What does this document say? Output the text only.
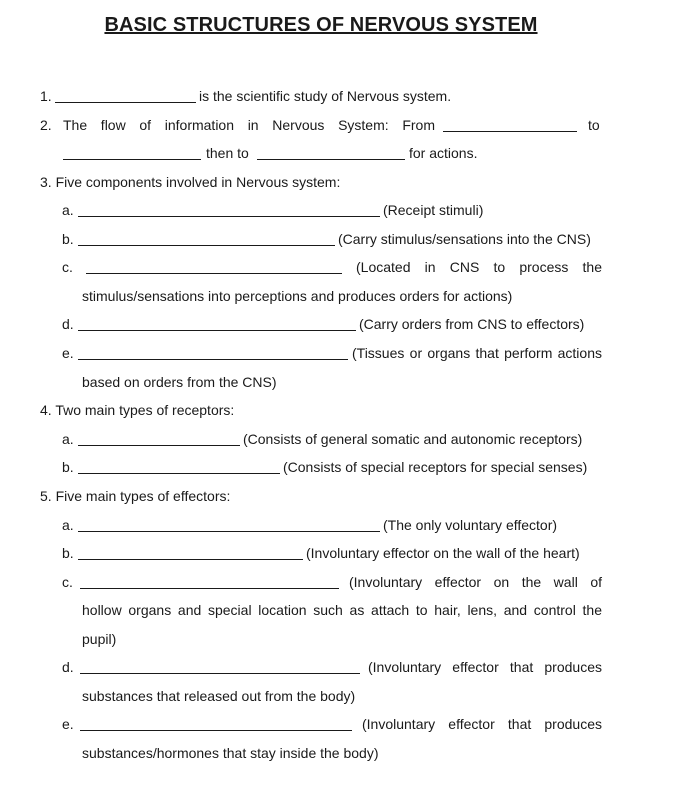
BASIC STRUCTURES OF NERVOUS SYSTEM
1.	is the scientific study of Nervous system.
2. The flow of information in Nervous System: From	to
then to	for actions.
3. Five components involved in Nervous system:
a.	(Receipt stimuli)
b.	(Carry stimulus/sensations into the CNS)
c.	(Located in CNS to process the
stimulus/sensations into perceptions and produces orders for actions)
d.	(Carry orders from CNS to effectors)
e.	(Tissues or organs that perform actions
based on orders from the CNS)
4. Two main types of receptors:
a.	(Consists of general somatic and autonomic receptors)
b.	(Consists of special receptors for special senses)
5. Five main types of effectors:
a.	(The only voluntary effector)
b.	(Involuntary effector on the wall of the heart)
c.	(Involuntary effector on the wall of
hollow organs and special location such as attach to hair, lens, and control the
pupil)
d.	(Involuntary effector that produces
substances that released out from the body)
e.	(Involuntary effector that produces
substances/hormones that stay inside the body)
